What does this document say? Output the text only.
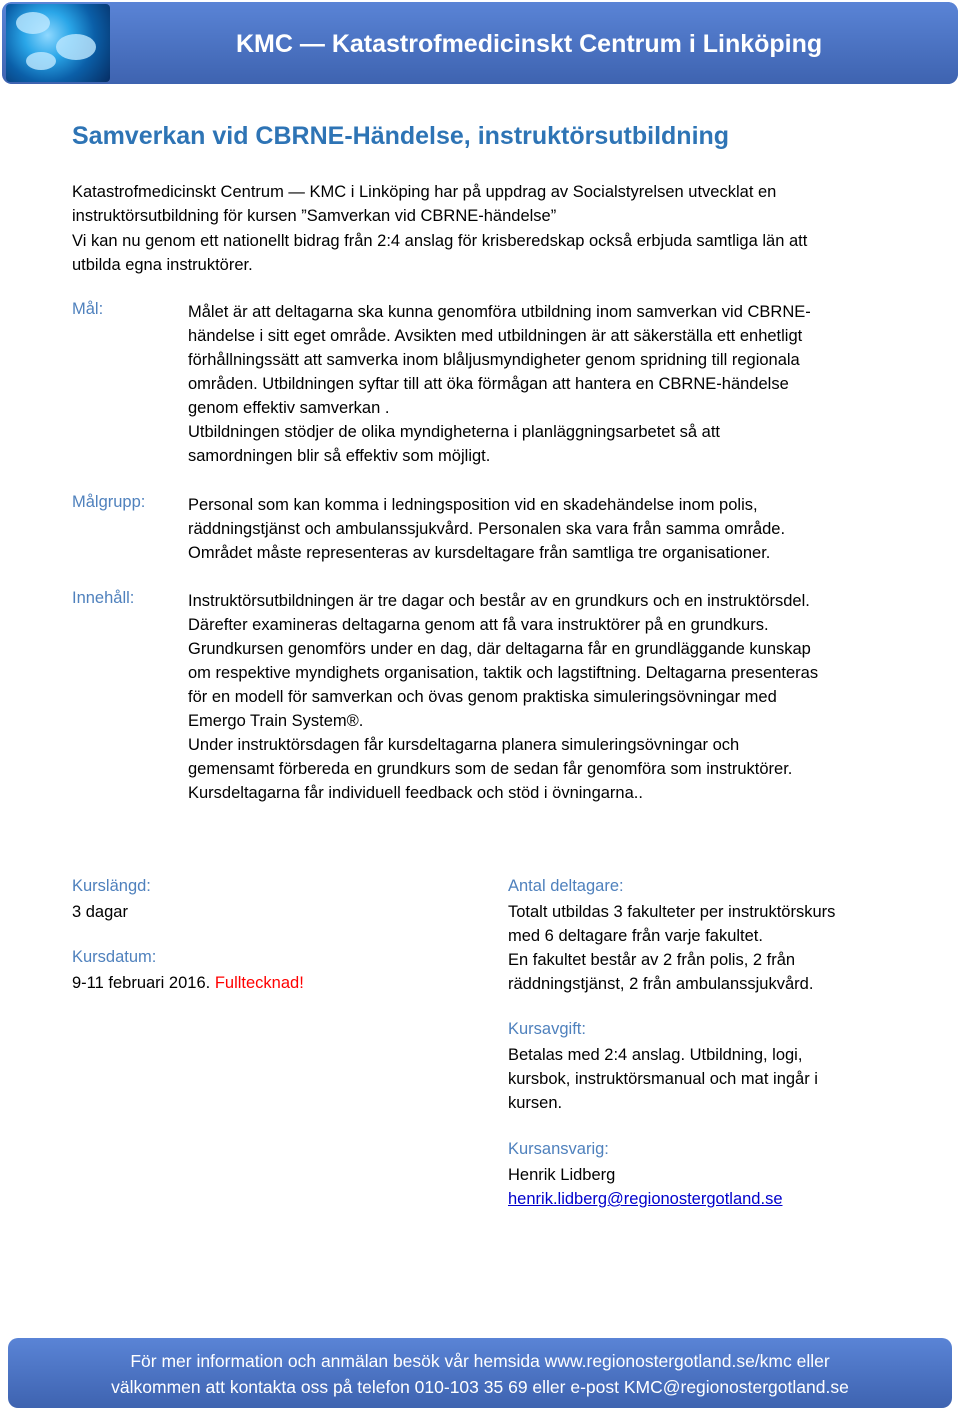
KMC — Katastrofmedicinskt Centrum i Linköping
Samverkan vid CBRNE-Händelse, instruktörsutbildning

Katastrofmedicinskt Centrum — KMC i Linköping har på uppdrag av Socialstyrelsen utvecklat en

instruktörsutbildning för kursen ”Samverkan vid CBRNE-händelse”

Vi kan nu genom ett nationellt bidrag från 2:4 anslag för krisberedskap också erbjuda samtliga län att

utbilda egna instruktörer.

Mål:	Målet är att deltagarna ska kunna genomföra utbildning inom samverkan vid CBRNE-
händelse i sitt eget område. Avsikten med utbildningen är att säkerställa ett enhetligt
förhållningssätt att samverka inom blåljusmyndigheter genom spridning till regionala
områden. Utbildningen syftar till att öka förmågan att hantera en CBRNE-händelse
genom effektiv samverkan .
Utbildningen stödjer de olika myndigheterna i planläggningsarbetet så att
samordningen blir så effektiv som möjligt.
Målgrupp:	Personal som kan komma i ledningsposition vid en skadehändelse inom polis,
räddningstjänst och ambulanssjukvård. Personalen ska vara från samma område.
Området måste representeras av kursdeltagare från samtliga tre organisationer.
Innehåll:	Instruktörsutbildningen är tre dagar och består av en grundkurs och en instruktörsdel.
Därefter examineras deltagarna genom att få vara instruktörer på en grundkurs.
Grundkursen genomförs under en dag, där deltagarna får en grundläggande kunskap
om respektive myndighets organisation, taktik och lagstiftning. Deltagarna presenteras
för en modell för samverkan och övas genom praktiska simuleringsövningar med
Emergo Train System®.
Under instruktörsdagen får kursdeltagarna planera simuleringsövningar och
gemensamt förbereda en grundkurs som de sedan får genomföra som instruktörer.
Kursdeltagarna får individuell feedback och stöd i övningarna..
Kurslängd:
3 dagar
Kursdatum:
9-11 februari 2016. Fulltecknad!
Antal deltagare:
Totalt utbildas 3 fakulteter per instruktörskurs
med 6 deltagare från varje fakultet.
En fakultet består av 2 från polis, 2 från
räddningstjänst, 2 från ambulanssjukvård.
Kursavgift:
Betalas med 2:4 anslag. Utbildning, logi,
kursbok, instruktörsmanual och mat ingår i
kursen.
Kursansvarig:
Henrik Lidberg
henrik.lidberg@regionostergotland.se
För mer information och anmälan besök vår hemsida www.regionostergotland.se/kmc eller
välkommen att kontakta oss på telefon 010-103 35 69 eller e-post KMC@regionostergotland.se
